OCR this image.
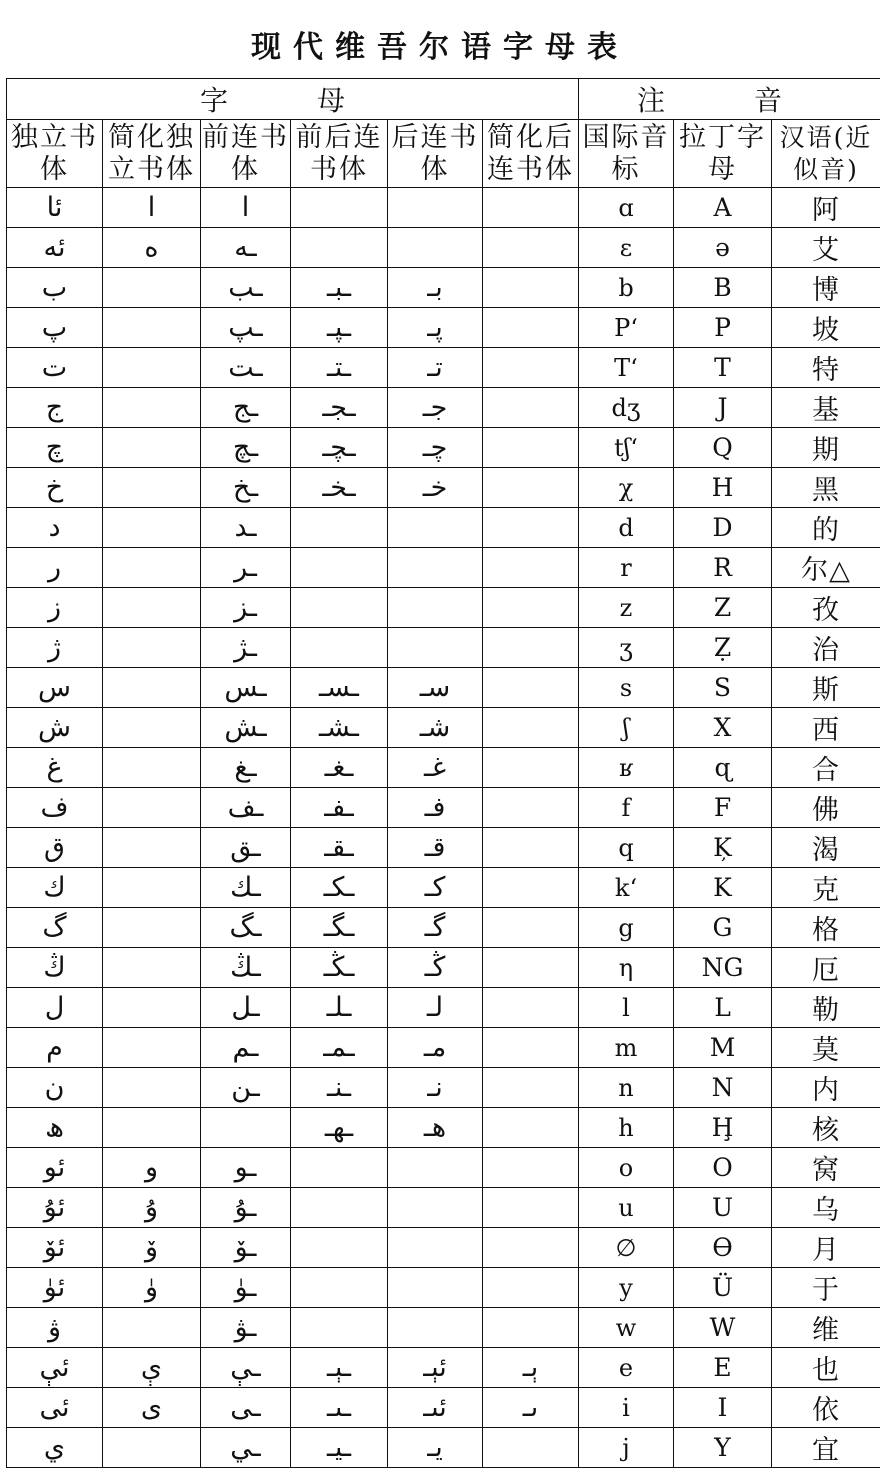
现代维吾尔语字母表
字 母						注 音		
独立书体	简化独立书体	前连书体	前后连书体	后连书体	简化后连书体	国际音标	拉丁字母	汉语(近似音)
ئا	ا	ا				ɑ	A	阿
ئە	ە	ـە				ɛ	ə	艾
ب		ـب	ـبـ	بـ		b	B	博
پ		ـپ	ـپـ	پـ		P‘	P	坡
ت		ـت	ـتـ	تـ		T‘	T	特
ج		ـج	ـجـ	جـ		dʒ	J	基
چ		ـچ	ـچـ	چـ		tʃ‘	Q	期
خ		ـخ	ـخـ	خـ		χ	H	黑
د		ـد				d	D	的
ر		ـر				r	R	尔△
ز		ـز				z	Z	孜
ژ		ـژ				ʒ	Ẓ	治
س		ـس	ـسـ	سـ		s	S	斯
ش		ـش	ـشـ	شـ		ʃ	X	西
غ		ـغ	ـغـ	غـ		ʁ	ɋ	合
ف		ـف	ـفـ	فـ		f	F	佛
ق		ـق	ـقـ	قـ		q	Ķ	渴
ك		ـك	ـكـ	كـ		k‘	K	克
گ		ـگ	ـگـ	گـ		g	G	格
ڭ		ـڭ	ـڭـ	ڭـ		η	NG	厄
ل		ـل	ـلـ	لـ		l	L	勒
م		ـم	ـمـ	مـ		m	M	莫
ن		ـن	ـنـ	نـ		n	N	内
ھ			ـھـ	ھـ		h	Ḩ	核
ئو	و	ـو				o	O	窝
ئۇ	ۇ	ـۇ				u	U	乌
ئۆ	ۆ	ـۆ				∅	Ɵ	月
ئۈ	ۈ	ـۈ				y	Ü	于
ۋ		ـۋ				w	W	维
ئې	ې	ـې	ـېـ	ئېـ	ېـ	e	E	也
ئى	ى	ـى	ـىـ	ئىـ	ىـ	i	I	依
ي		ـي	ـيـ	يـ		j	Y	宜
